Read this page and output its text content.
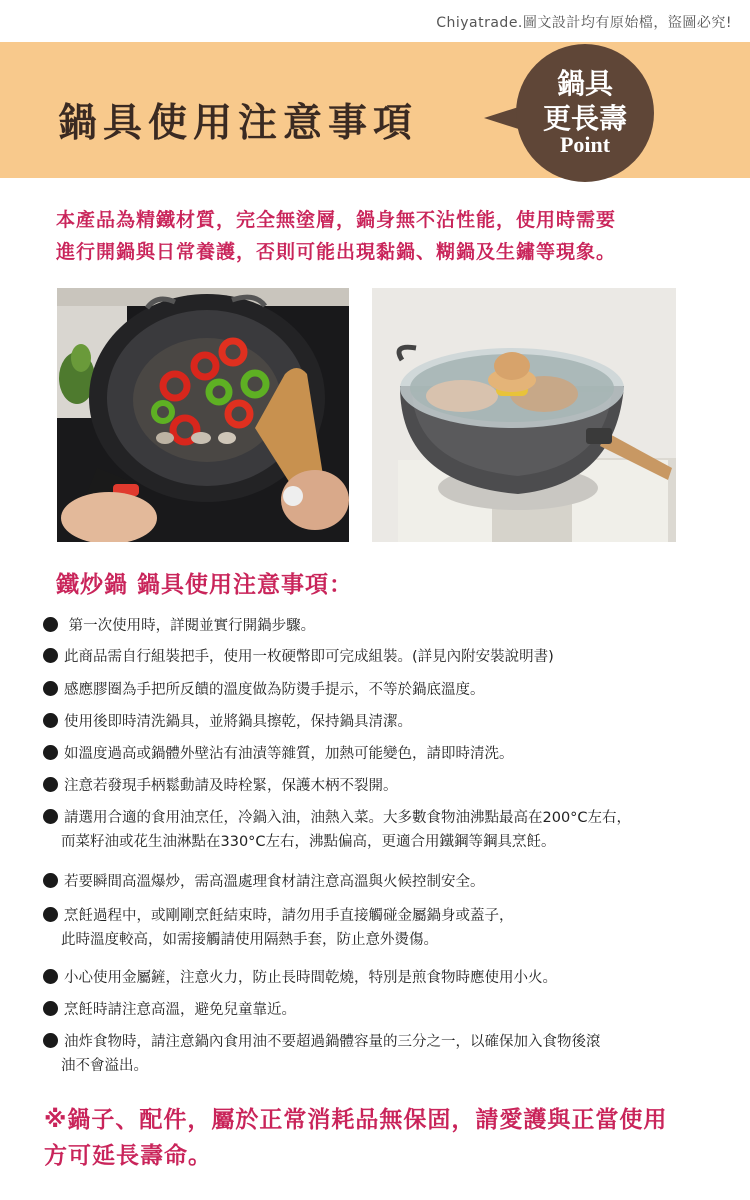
Chiyatrade.圖文設計均有原始檔，盜圖必究!
鍋具使用注意事項
鍋具
更長壽
Point
本產品為精鐵材質，完全無塗層，鍋身無不沾性能，使用時需要
進行開鍋與日常養護，否則可能出現黏鍋、糊鍋及生鏽等現象。
鐵炒鍋 鍋具使用注意事項：
第一次使用時，詳閱並實行開鍋步驟。
此商品需自行組裝把手，使用一枚硬幣即可完成組裝。(詳見內附安裝說明書)
感應膠圈為手把所反饋的溫度做為防燙手提示，不等於鍋底溫度。
使用後即時清洗鍋具，並將鍋具擦乾，保持鍋具清潔。
如溫度過高或鍋體外壁沾有油漬等雜質，加熱可能變色，請即時清洗。
注意若發現手柄鬆動請及時栓緊，保護木柄不裂開。
請選用合適的食用油烹任，冷鍋入油，油熱入菜。大多數食物油沸點最高在200°C左右，
而菜籽油或花生油淋點在330°C左右，沸點偏高，更適合用鐵鋼等鋼具烹飪。
若要瞬間高溫爆炒，需高溫處理食材請注意高溫與火候控制安全。
烹飪過程中，或剛剛烹飪結束時，請勿用手直接觸碰金屬鍋身或蓋子，
此時溫度較高，如需接觸請使用隔熱手套，防止意外燙傷。
小心使用金屬鏟，注意火力，防止長時間乾燒，特別是煎食物時應使用小火。
烹飪時請注意高溫，避免兒童靠近。
油炸食物時，請注意鍋內食用油不要超過鍋體容量的三分之一，以確保加入食物後滾
油不會溢出。
※鍋子、配件，屬於正常消耗品無保固，請愛護與正當使用
方可延長壽命。
